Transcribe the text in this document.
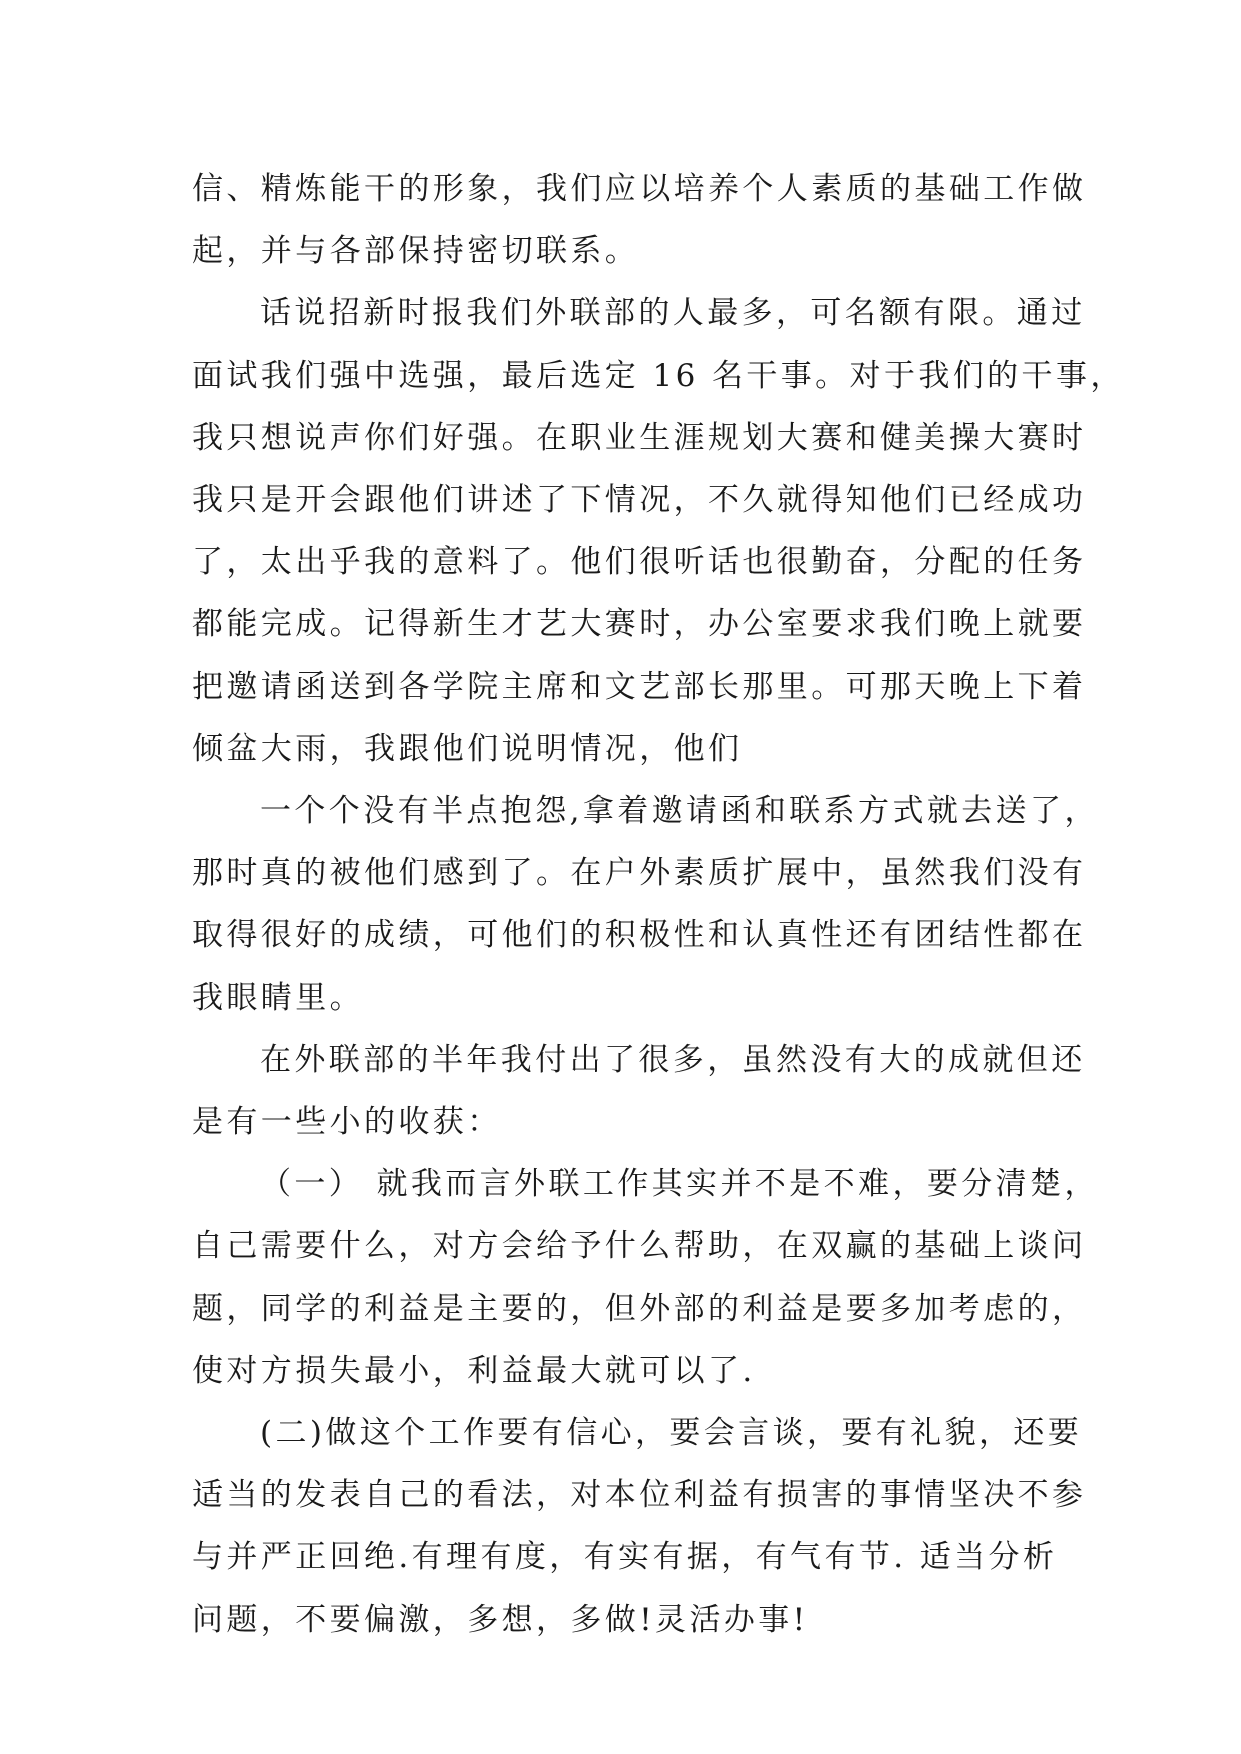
信、精炼能干的形象，我们应以培养个人素质的基础工作做
起，并与各部保持密切联系。

话说招新时报我们外联部的人最多，可名额有限。通过
面试我们强中选强，最后选定 16 名干事。对于我们的干事，
我只想说声你们好强。在职业生涯规划大赛和健美操大赛时
我只是开会跟他们讲述了下情况，不久就得知他们已经成功
了，太出乎我的意料了。他们很听话也很勤奋，分配的任务
都能完成。记得新生才艺大赛时，办公室要求我们晚上就要
把邀请函送到各学院主席和文艺部长那里。可那天晚上下着
倾盆大雨，我跟他们说明情况，他们

一个个没有半点抱怨,拿着邀请函和联系方式就去送了，
那时真的被他们感到了。在户外素质扩展中，虽然我们没有
取得很好的成绩，可他们的积极性和认真性还有团结性都在
我眼睛里。

在外联部的半年我付出了很多，虽然没有大的成就但还
是有一些小的收获：

（一） 就我而言外联工作其实并不是不难，要分清楚，
自己需要什么，对方会给予什么帮助，在双赢的基础上谈问
题，同学的利益是主要的，但外部的利益是要多加考虑的，
使对方损失最小，利益最大就可以了.

(二)做这个工作要有信心，要会言谈，要有礼貌，还要
适当的发表自己的看法，对本位利益有损害的事情坚决不参
与并严正回绝.有理有度，有实有据，有气有节. 适当分析
问题，不要偏激，多想，多做!灵活办事!
